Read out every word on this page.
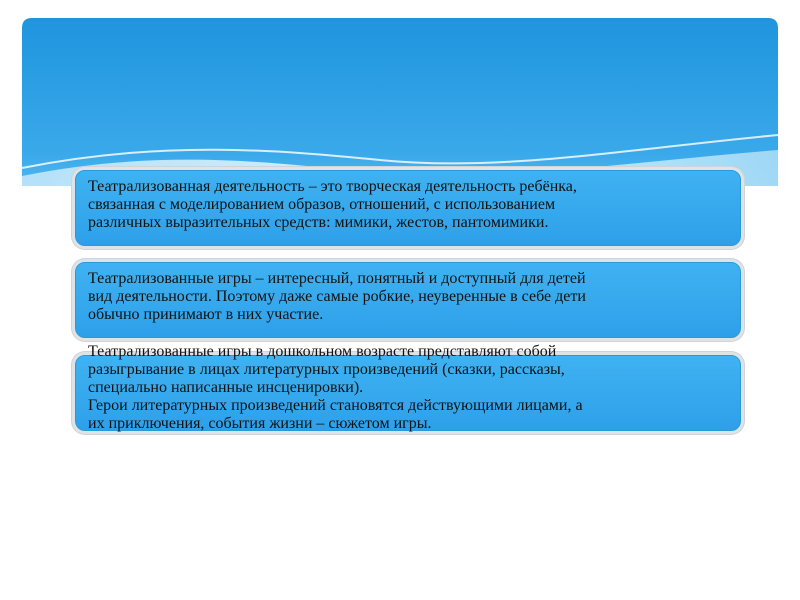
Театрализованная деятельность – это творческая деятельность ребёнка,
связанная с моделированием образов, отношений, с использованием
различных выразительных средств: мимики, жестов, пантомимики.

Театрализованные игры – интересный, понятный и доступный для детей
вид деятельности. Поэтому даже самые робкие, неуверенные в себе дети
обычно принимают в них участие.

Театрализованные игры в дошкольном возрасте представляют собой
разыгрывание в лицах литературных произведений (сказки, рассказы,
специально написанные инсценировки).
Герои литературных произведений становятся действующими лицами, а
их приключения, события жизни – сюжетом игры.
